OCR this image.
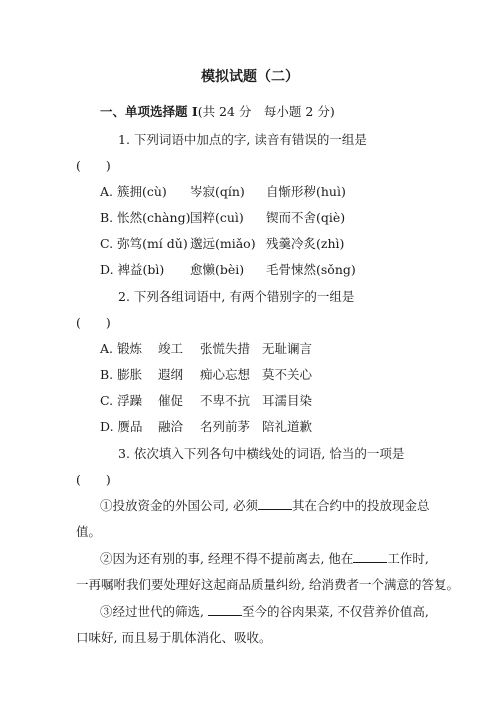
模拟试题（二）
一、单项选择题 I(共 24 分　每小题 2 分)
1. 下列词语中加点的字, 读音有错误的一组是
(　　)
A. 簇拥(cù) 岑寂(qín) 自惭形秽(huì)
B. 怅然(chàng)国粹(cuì) 锲而不舍(qiè)
C. 弥笃(mí dǔ) 邈远(miǎo) 残羹冷炙(zhì)
D. 裨益(bì) 愈懒(bèi) 毛骨悚然(sǒng)
2. 下列各组词语中, 有两个错别字的一组是
(　　)
A. 锻炼 竣工 张慌失措 无耻谰言
B. 膨胀 遐纲 痴心忘想 莫不关心
C. 浮躁 催促 不卑不抗 耳濡目染
D. 赝品 融洽 名列前茅 陪礼道歉
3. 依次填入下列各句中横线处的词语, 恰当的一项是
(　　)
①投放资金的外国公司, 必须	其在合约中的投放现金总
值。
②因为还有别的事, 经理不得不提前离去, 他在	工作时,
一再嘱咐我们要处理好这起商品质量纠纷, 给消费者一个满意的答复。
③经过世代的筛选,	至今的谷肉果菜, 不仅营养价值高,
口味好, 而且易于肌体消化、吸收。
